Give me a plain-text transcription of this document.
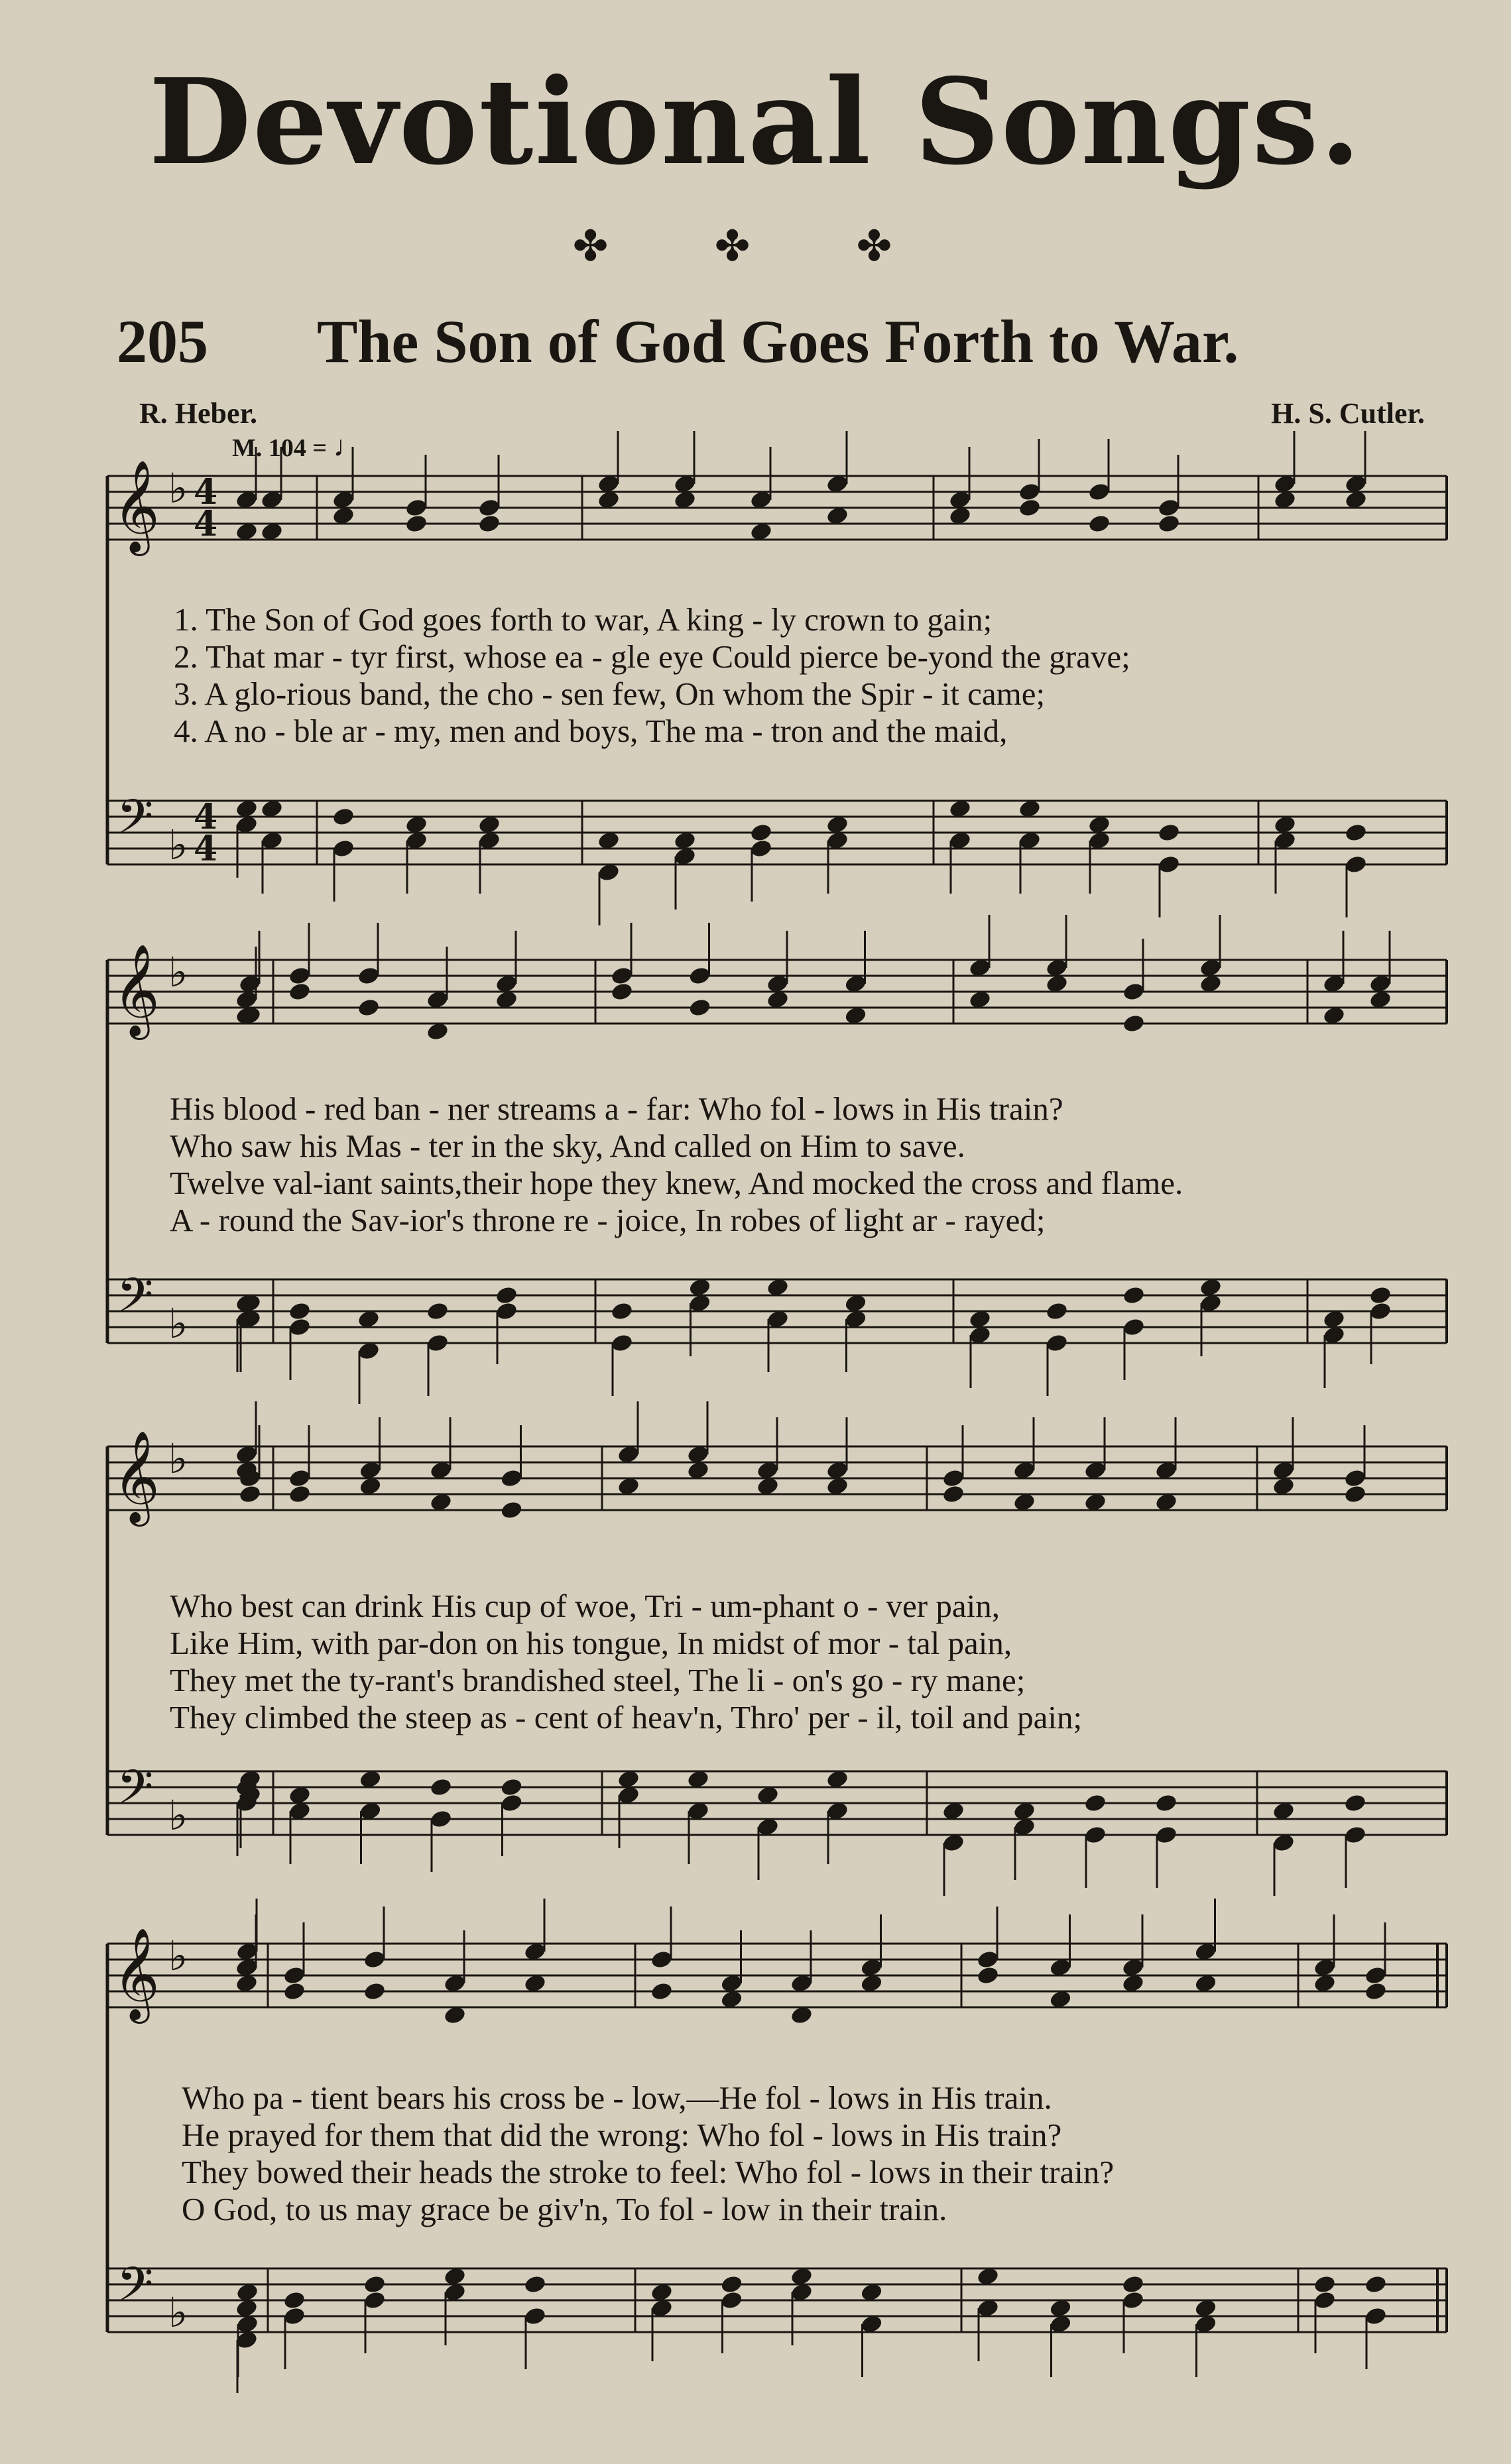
Devotional Songs.
✤ ✤ ✤
205 The Son of God Goes Forth to War.
R. Heber.	H. S. Cutler.
M. 104 = ♩
𝄞
𝄢
♭
♭
4
4
4
4
𝄞
𝄢
♭
♭
𝄞
𝄢
♭
♭
𝄞
𝄢
♭
♭
1. The Son of God goes forth to war, A king - ly crown to gain;
2. That mar - tyr first, whose ea - gle eye Could pierce be-yond the grave;
3. A glo-rious band, the cho - sen few, On whom the Spir - it came;
4. A no - ble ar - my, men and boys, The ma - tron and the maid,
His blood - red ban - ner streams a - far: Who fol - lows in His train?
Who saw his Mas - ter in the sky, And called on Him to save.
Twelve val-iant saints,their hope they knew, And mocked the cross and flame.
A - round the Sav-ior's throne re - joice, In robes of light ar - rayed;
Who best can drink His cup of woe, Tri - um-phant o - ver pain,
Like Him, with par-don on his tongue, In midst of mor - tal pain,
They met the ty-rant's brandished steel, The li - on's go - ry mane;
They climbed the steep as - cent of heav'n, Thro' per - il, toil and pain;
Who pa - tient bears his cross be - low,—He fol - lows in His train.
He prayed for them that did the wrong: Who fol - lows in His train?
They bowed their heads the stroke to feel: Who fol - lows in their train?
O God, to us may grace be giv'n, To fol - low in their train.
